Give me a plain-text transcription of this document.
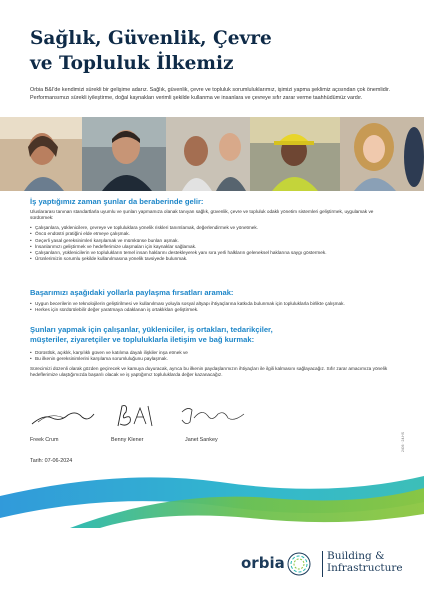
Sağlık, Güvenlik, Çevre
ve Topluluk İlkemiz

Orbia B&I'de kendimizi sürekli bir gelişime adarız. Sağlık, güvenlik, çevre ve topluluk sorumluluklarımız, işimizi yapma şeklimiz açısından çok önemlidir. Performansımızı sürekli iyileştirme, doğal kaynakları verimli şekilde kullanma ve insanlara ve çevreye sıfır zarar verme taahhüdümüz vardır.

İş yaptığımız zaman şunlar da beraberinde gelir:

Uluslararası tanınan standartlarla uyumlu ve şunları yapmamıza olanak tanıyan sağlık, güvenlik, çevre ve topluluk odaklı yönetim sistemleri geliştirmek, uygulamak ve sürdürmek:

• Çalışanlara, yüklenicilere, çevreye ve topluluklara yönelik riskleri tanımlamak, değerlendirmek ve yönetmek.
• Öncü endüstri pratiğini elde etmeye çalışmak.
• Geçerli yasal gereksinimleri karşılamak ve mümkünse bunları aşmak.
• İnsanlarımızı geliştirmek ve hedeflerimize ulaşmaları için kaynaklar sağlamak.
• Çalışanların, yüklenicilerin ve toplulukların temel insan haklarını destekleyerek yanı sıra yerli halkların geleneksel haklarına saygı göstermek.
• Ürünlerimizin sorumlu şekilde kullanılmasına yönelik tavsiyede bulunmak.
Başarımızı aşağıdaki yollarla paylaşma fırsatları aramak:
• Uygun becerilerin ve teknolojilerin geliştirilmesi ve kullanılması yoluyla sosyal altyapı ihtiyaçlarına katkıda bulunmak için topluluklarla birlikte çalışmak.
• Herkes için sürdürülebilir değer yaratmaya odaklanan iş ortaklıkları geliştirmek.
Şunları yapmak için çalışanlar, yükleniciler, iş ortakları, tedarikçiler,
müşteriler, ziyaretçiler ve topluluklarla iletişim ve bağ kurmak:
• Dürüstlük, açıklık, karşılıklı güven ve katılıma dayalı ilişkiler inşa etmek ve
• Bu ilkenin gereksinimlerini karşılama sorumluluğunu paylaşmak.

Sürecimizi düzenli olarak gözden geçirecek ve kamuya duyuracak, ayrıca bu ilkenin paydaşlarımızın ihtiyaçları ile ilgili kalmasını sağlayacağız. Sıfır zarar amacımıza yönelik hedeflerimize ulaştığımızda başarılı olacak ve iş yaptığımız topluluklarda değer kazanacağız.

Freek Crum	Benny Klener	Janet Sankey
Tarih: 07-06-2024
2406 · 24.HS
orbia	Building &
Infrastructure
